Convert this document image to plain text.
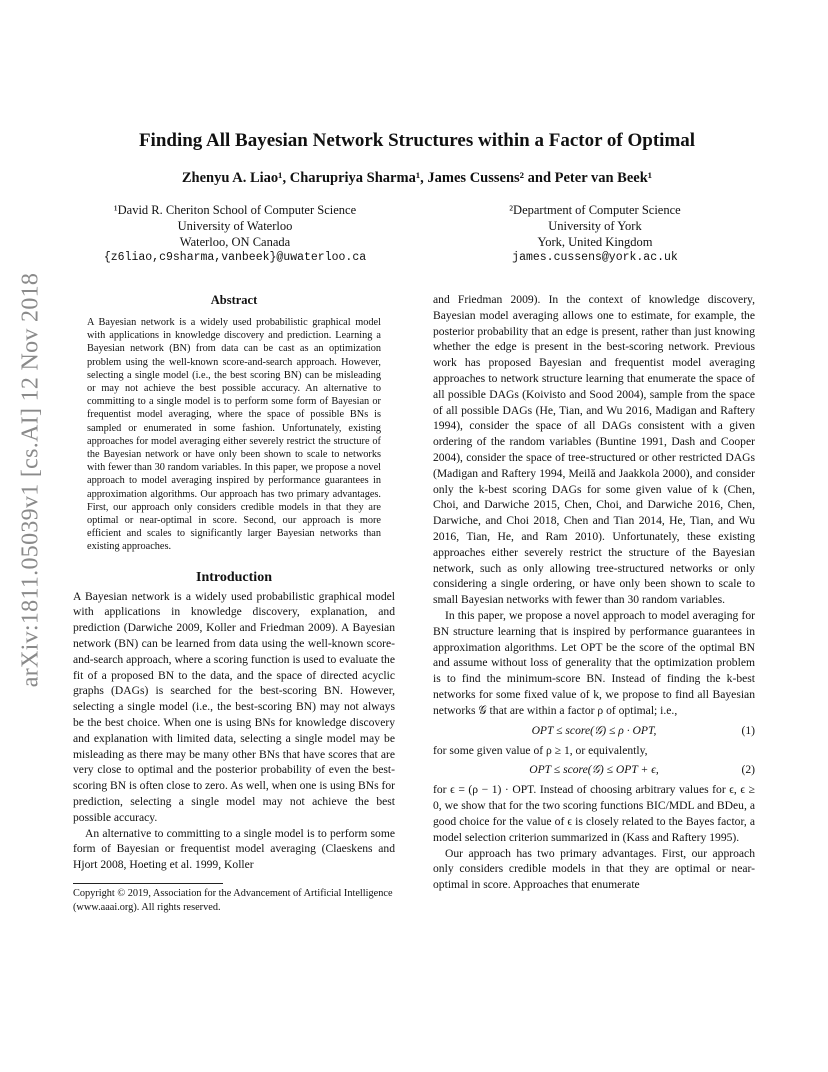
arXiv:1811.05039v1 [cs.AI] 12 Nov 2018
Finding All Bayesian Network Structures within a Factor of Optimal
Zhenyu A. Liao¹, Charupriya Sharma¹, James Cussens² and Peter van Beek¹
¹David R. Cheriton School of Computer Science
University of Waterloo
Waterloo, ON Canada
{z6liao,c9sharma,vanbeek}@uwaterloo.ca
²Department of Computer Science
University of York
York, United Kingdom
james.cussens@york.ac.uk
Abstract

A Bayesian network is a widely used probabilistic graphical model with applications in knowledge discovery and prediction. Learning a Bayesian network (BN) from data can be cast as an optimization problem using the well-known score-and-search approach. However, selecting a single model (i.e., the best scoring BN) can be misleading or may not achieve the best possible accuracy. An alternative to committing to a single model is to perform some form of Bayesian or frequentist model averaging, where the space of possible BNs is sampled or enumerated in some fashion. Unfortunately, existing approaches for model averaging either severely restrict the structure of the Bayesian network or have only been shown to scale to networks with fewer than 30 random variables. In this paper, we propose a novel approach to model averaging inspired by performance guarantees in approximation algorithms. Our approach has two primary advantages. First, our approach only considers credible models in that they are optimal or near-optimal in score. Second, our approach is more efficient and scales to significantly larger Bayesian networks than existing approaches.

Introduction

A Bayesian network is a widely used probabilistic graphical model with applications in knowledge discovery, explanation, and prediction (Darwiche 2009, Koller and Friedman 2009). A Bayesian network (BN) can be learned from data using the well-known score-and-search approach, where a scoring function is used to evaluate the fit of a proposed BN to the data, and the space of directed acyclic graphs (DAGs) is searched for the best-scoring BN. However, selecting a single model (i.e., the best-scoring BN) may not always be the best choice. When one is using BNs for knowledge discovery and explanation with limited data, selecting a single model may be misleading as there may be many other BNs that have scores that are very close to optimal and the posterior probability of even the best-scoring BN is often close to zero. As well, when one is using BNs for prediction, selecting a single model may not achieve the best possible accuracy.

An alternative to committing to a single model is to perform some form of Bayesian or frequentist model averaging (Claeskens and Hjort 2008, Hoeting et al. 1999, Koller

Copyright © 2019, Association for the Advancement of Artificial Intelligence (www.aaai.org). All rights reserved.

and Friedman 2009). In the context of knowledge discovery, Bayesian model averaging allows one to estimate, for example, the posterior probability that an edge is present, rather than just knowing whether the edge is present in the best-scoring network. Previous work has proposed Bayesian and frequentist model averaging approaches to network structure learning that enumerate the space of all possible DAGs (Koivisto and Sood 2004), sample from the space of all possible DAGs (He, Tian, and Wu 2016, Madigan and Raftery 1994), consider the space of all DAGs consistent with a given ordering of the random variables (Buntine 1991, Dash and Cooper 2004), consider the space of tree-structured or other restricted DAGs (Madigan and Raftery 1994, Meilă and Jaakkola 2000), and consider only the k-best scoring DAGs for some given value of k (Chen, Choi, and Darwiche 2015, Chen, Choi, and Darwiche 2016, Chen, Darwiche, and Choi 2018, Chen and Tian 2014, He, Tian, and Wu 2016, Tian, He, and Ram 2010). Unfortunately, these existing approaches either severely restrict the structure of the Bayesian network, such as only allowing tree-structured networks or only considering a single ordering, or have only been shown to scale to small Bayesian networks with fewer than 30 random variables.

In this paper, we propose a novel approach to model averaging for BN structure learning that is inspired by performance guarantees in approximation algorithms. Let OPT be the score of the optimal BN and assume without loss of generality that the optimization problem is to find the minimum-score BN. Instead of finding the k-best networks for some fixed value of k, we propose to find all Bayesian networks 𝒢 that are within a factor ρ of optimal; i.e.,

OPT ≤ score(𝒢) ≤ ρ · OPT,	(1)

for some given value of ρ ≥ 1, or equivalently,

OPT ≤ score(𝒢) ≤ OPT + ϵ,	(2)

for ϵ = (ρ − 1) · OPT. Instead of choosing arbitrary values for ϵ, ϵ ≥ 0, we show that for the two scoring functions BIC/MDL and BDeu, a good choice for the value of ϵ is closely related to the Bayes factor, a model selection criterion summarized in (Kass and Raftery 1995).

Our approach has two primary advantages. First, our approach only considers credible models in that they are optimal or near-optimal in score. Approaches that enumerate
